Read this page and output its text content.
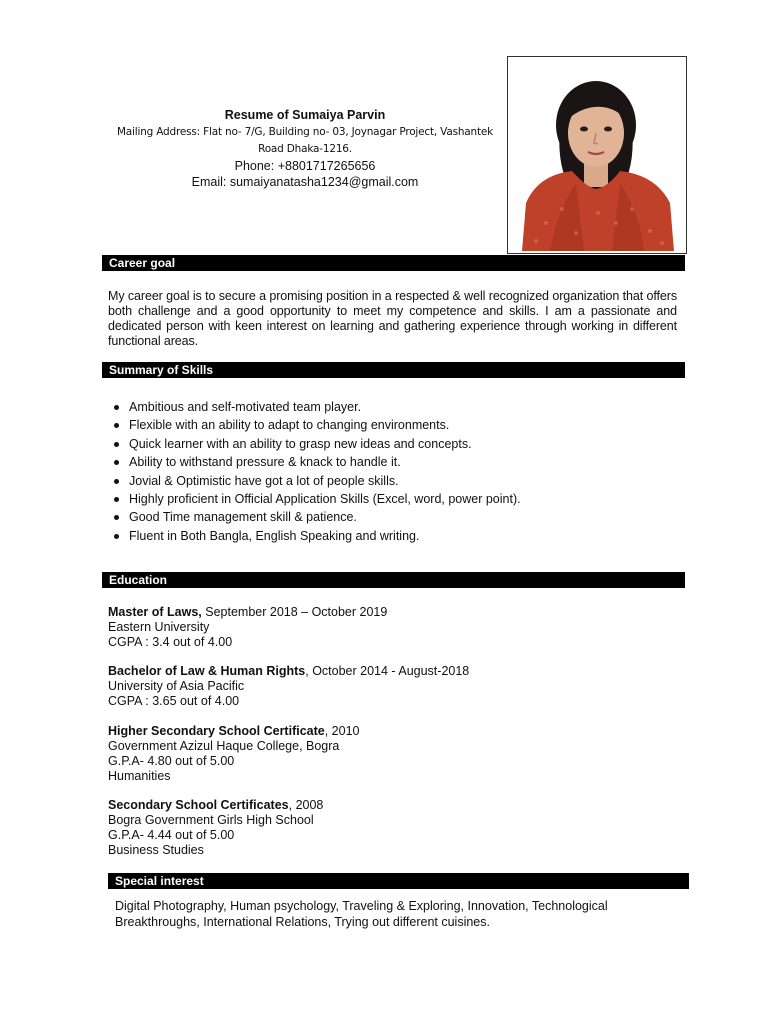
Resume of Sumaiya Parvin
Mailing Address: Flat no- 7/G, Building no- 03, Joynagar Project, Vashantek
Road Dhaka-1216.
Phone: +8801717265656
Email: sumaiyanatasha1234@gmail.com
Career goal
My career goal is to secure a promising position in a respected & well recognized organization that offers both challenge and a good opportunity to meet my competence and skills. I am a passionate and dedicated person with keen interest on learning and gathering experience through working in different functional areas.
Summary of Skills
Ambitious and self-motivated team player.
Flexible with an ability to adapt to changing environments.
Quick learner with an ability to grasp new ideas and concepts.
Ability to withstand pressure & knack to handle it.
Jovial & Optimistic have got a lot of people skills.
Highly proficient in Official Application Skills (Excel, word, power point).
Good Time management skill & patience.
Fluent in Both Bangla, English Speaking and writing.
Education
Master of Laws, September 2018 – October 2019
Eastern University
CGPA : 3.4 out of 4.00
Bachelor of Law & Human Rights, October 2014 - August-2018
University of Asia Pacific
CGPA : 3.65 out of 4.00
Higher Secondary School Certificate, 2010
Government Azizul Haque College, Bogra
G.P.A- 4.80 out of 5.00
Humanities
Secondary School Certificates, 2008
Bogra Government Girls High School
G.P.A- 4.44 out of 5.00
Business Studies
Special interest
Digital Photography, Human psychology, Traveling & Exploring, Innovation, Technological Breakthroughs, International Relations, Trying out different cuisines.
